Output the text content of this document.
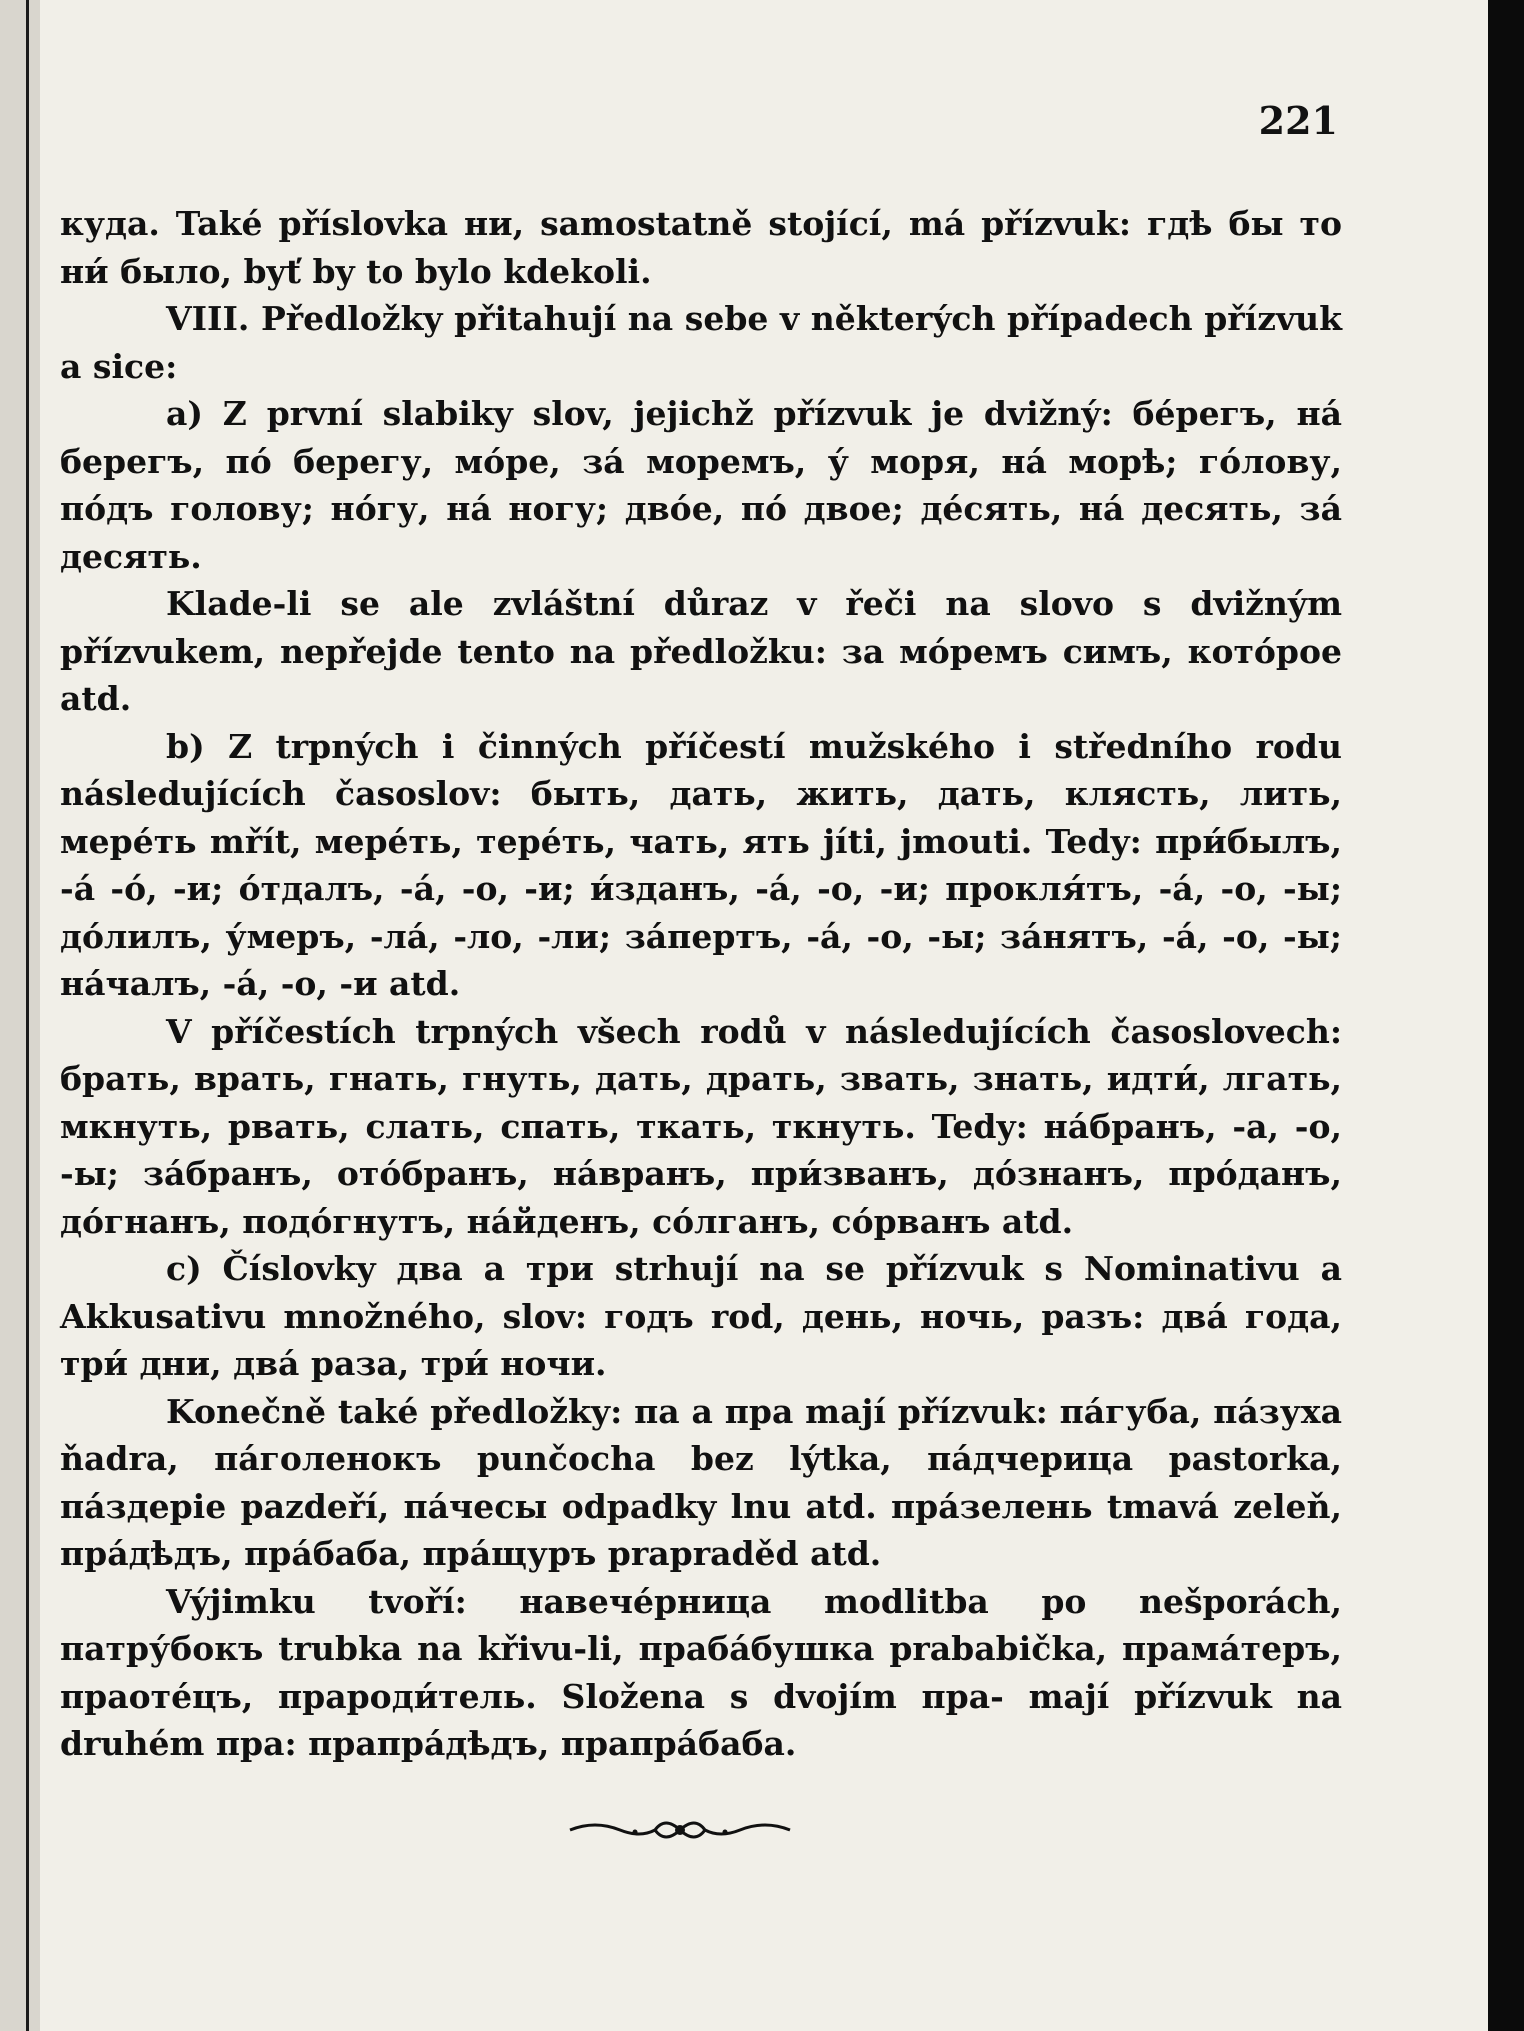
221

куда. Také příslovka ни, samostatně stojící, má přízvuk: гдѣ бы то ни́ было, byť by to bylo kdekoli.

VIII. Předložky přitahují na sebe v některých případech přízvuk a sice:

a) Z první slabiky slov, jejichž přízvuk je dvižný: бе́регъ, на́ берегъ, по́ берегу, мо́ре, за́ моремъ, у́ моря, на́ морѣ; го́лову, по́дъ голову; но́гу, на́ ногу; дво́е, по́ двое; де́сять, на́ десять, за́ десять.

Klade-li se ale zvláštní důraz v řeči na slovo s dvižným přízvukem, nepřejde tento na předložku: за мо́ремъ симъ, кото́рое atd.

b) Z trpných i činných příčestí mužského i středního rodu následujících časoslov: быть, дать, жить, дать, клясть, лить, мере́ть mřít, мере́ть, тере́ть, чать, ять jíti, jmouti. Tedy: при́былъ, -á -ó, -и; о́тдалъ, -á, -о, -и; и́зданъ, -á, -о, -и; прокля́тъ, -á, -о, -ы; до́лилъ, у́меръ, -ла́, -ло, -ли; за́пертъ, -á, -о, -ы; за́нятъ, -á, -о, -ы; на́чалъ, -á, -о, -и atd.

V příčestích trpných všech rodů v následujících časoslovech: брать, врать, гнать, гнуть, дать, драть, звать, знать, идти́, лгать, мкнуть, рвать, слать, спать, ткать, ткнуть. Tedy: на́бранъ, -а, -о, -ы; за́бранъ, ото́бранъ, на́вранъ, при́званъ, до́знанъ, про́данъ, до́гнанъ, подо́гнутъ, на́йденъ, со́лганъ, со́рванъ atd.

c) Číslovky два a три strhují na se přízvuk s Nominativu a Akkusativu množného, slov: годъ rod, день, ночь, разъ: два́ года, три́ дни, два́ раза, три́ ночи.

Konečně také předložky: па a пра mají přízvuk: па́губа, па́зуха ňadra, па́голенокъ punčocha bez lýtka, па́дчерица pastorka, па́здерie pazdeří, па́чесы odpadky lnu atd. пра́зелень tmavá zeleň, пра́дѣдъ, пра́баба, пра́щуръ praprаděd atd.

Výjimku tvoří: навече́рница modlitba po nešporách, патру́бокъ trubka na křivu-li, праба́бушка prababička, прама́теръ, праоте́цъ, прароди́тель. Složena s dvojím пра- mají přízvuk na druhém пра: прапра́дѣдъ, прапра́баба.
